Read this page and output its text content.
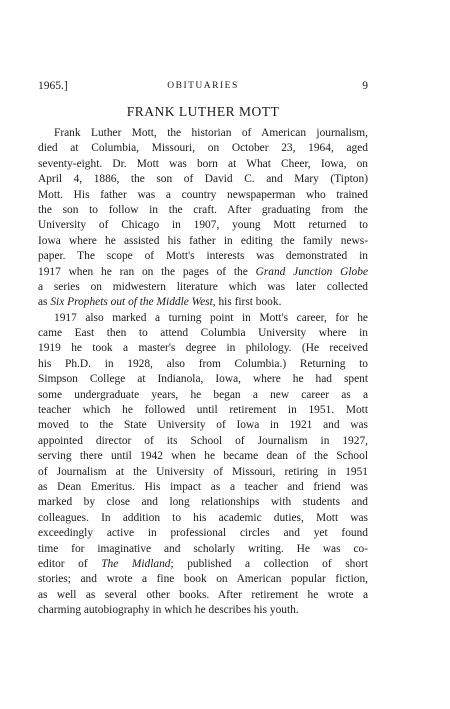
1965.]	OBITUARIES	9
FRANK LUTHER MOTT
Frank Luther Mott, the historian of American journalism,
died at Columbia, Missouri, on October 23, 1964, aged
seventy-eight. Dr. Mott was born at What Cheer, Iowa, on
April 4, 1886, the son of David C. and Mary (Tipton)
Mott. His father was a country newspaperman who trained
the son to follow in the craft. After graduating from the
University of Chicago in 1907, young Mott returned to
Iowa where he assisted his father in editing the family news-
paper. The scope of Mott's interests was demonstrated in
1917 when he ran on the pages of the Grand Junction Globe
a series on midwestern literature which was later collected
as Six Prophets out of the Middle West, his first book.
1917 also marked a turning point in Mott's career, for he
came East then to attend Columbia University where in
1919 he took a master's degree in philology. (He received
his Ph.D. in 1928, also from Columbia.) Returning to
Simpson College at Indianola, Iowa, where he had spent
some undergraduate years, he began a new career as a
teacher which he followed until retirement in 1951. Mott
moved to the State University of Iowa in 1921 and was
appointed director of its School of Journalism in 1927,
serving there until 1942 when he became dean of the School
of Journalism at the University of Missouri, retiring in 1951
as Dean Emeritus. His impact as a teacher and friend was
marked by close and long relationships with students and
colleagues. In addition to his academic duties, Mott was
exceedingly active in professional circles and yet found
time for imaginative and scholarly writing. He was co-
editor of The Midland; published a collection of short
stories; and wrote a fine book on American popular fiction,
as well as several other books. After retirement he wrote a
charming autobiography in which he describes his youth.
